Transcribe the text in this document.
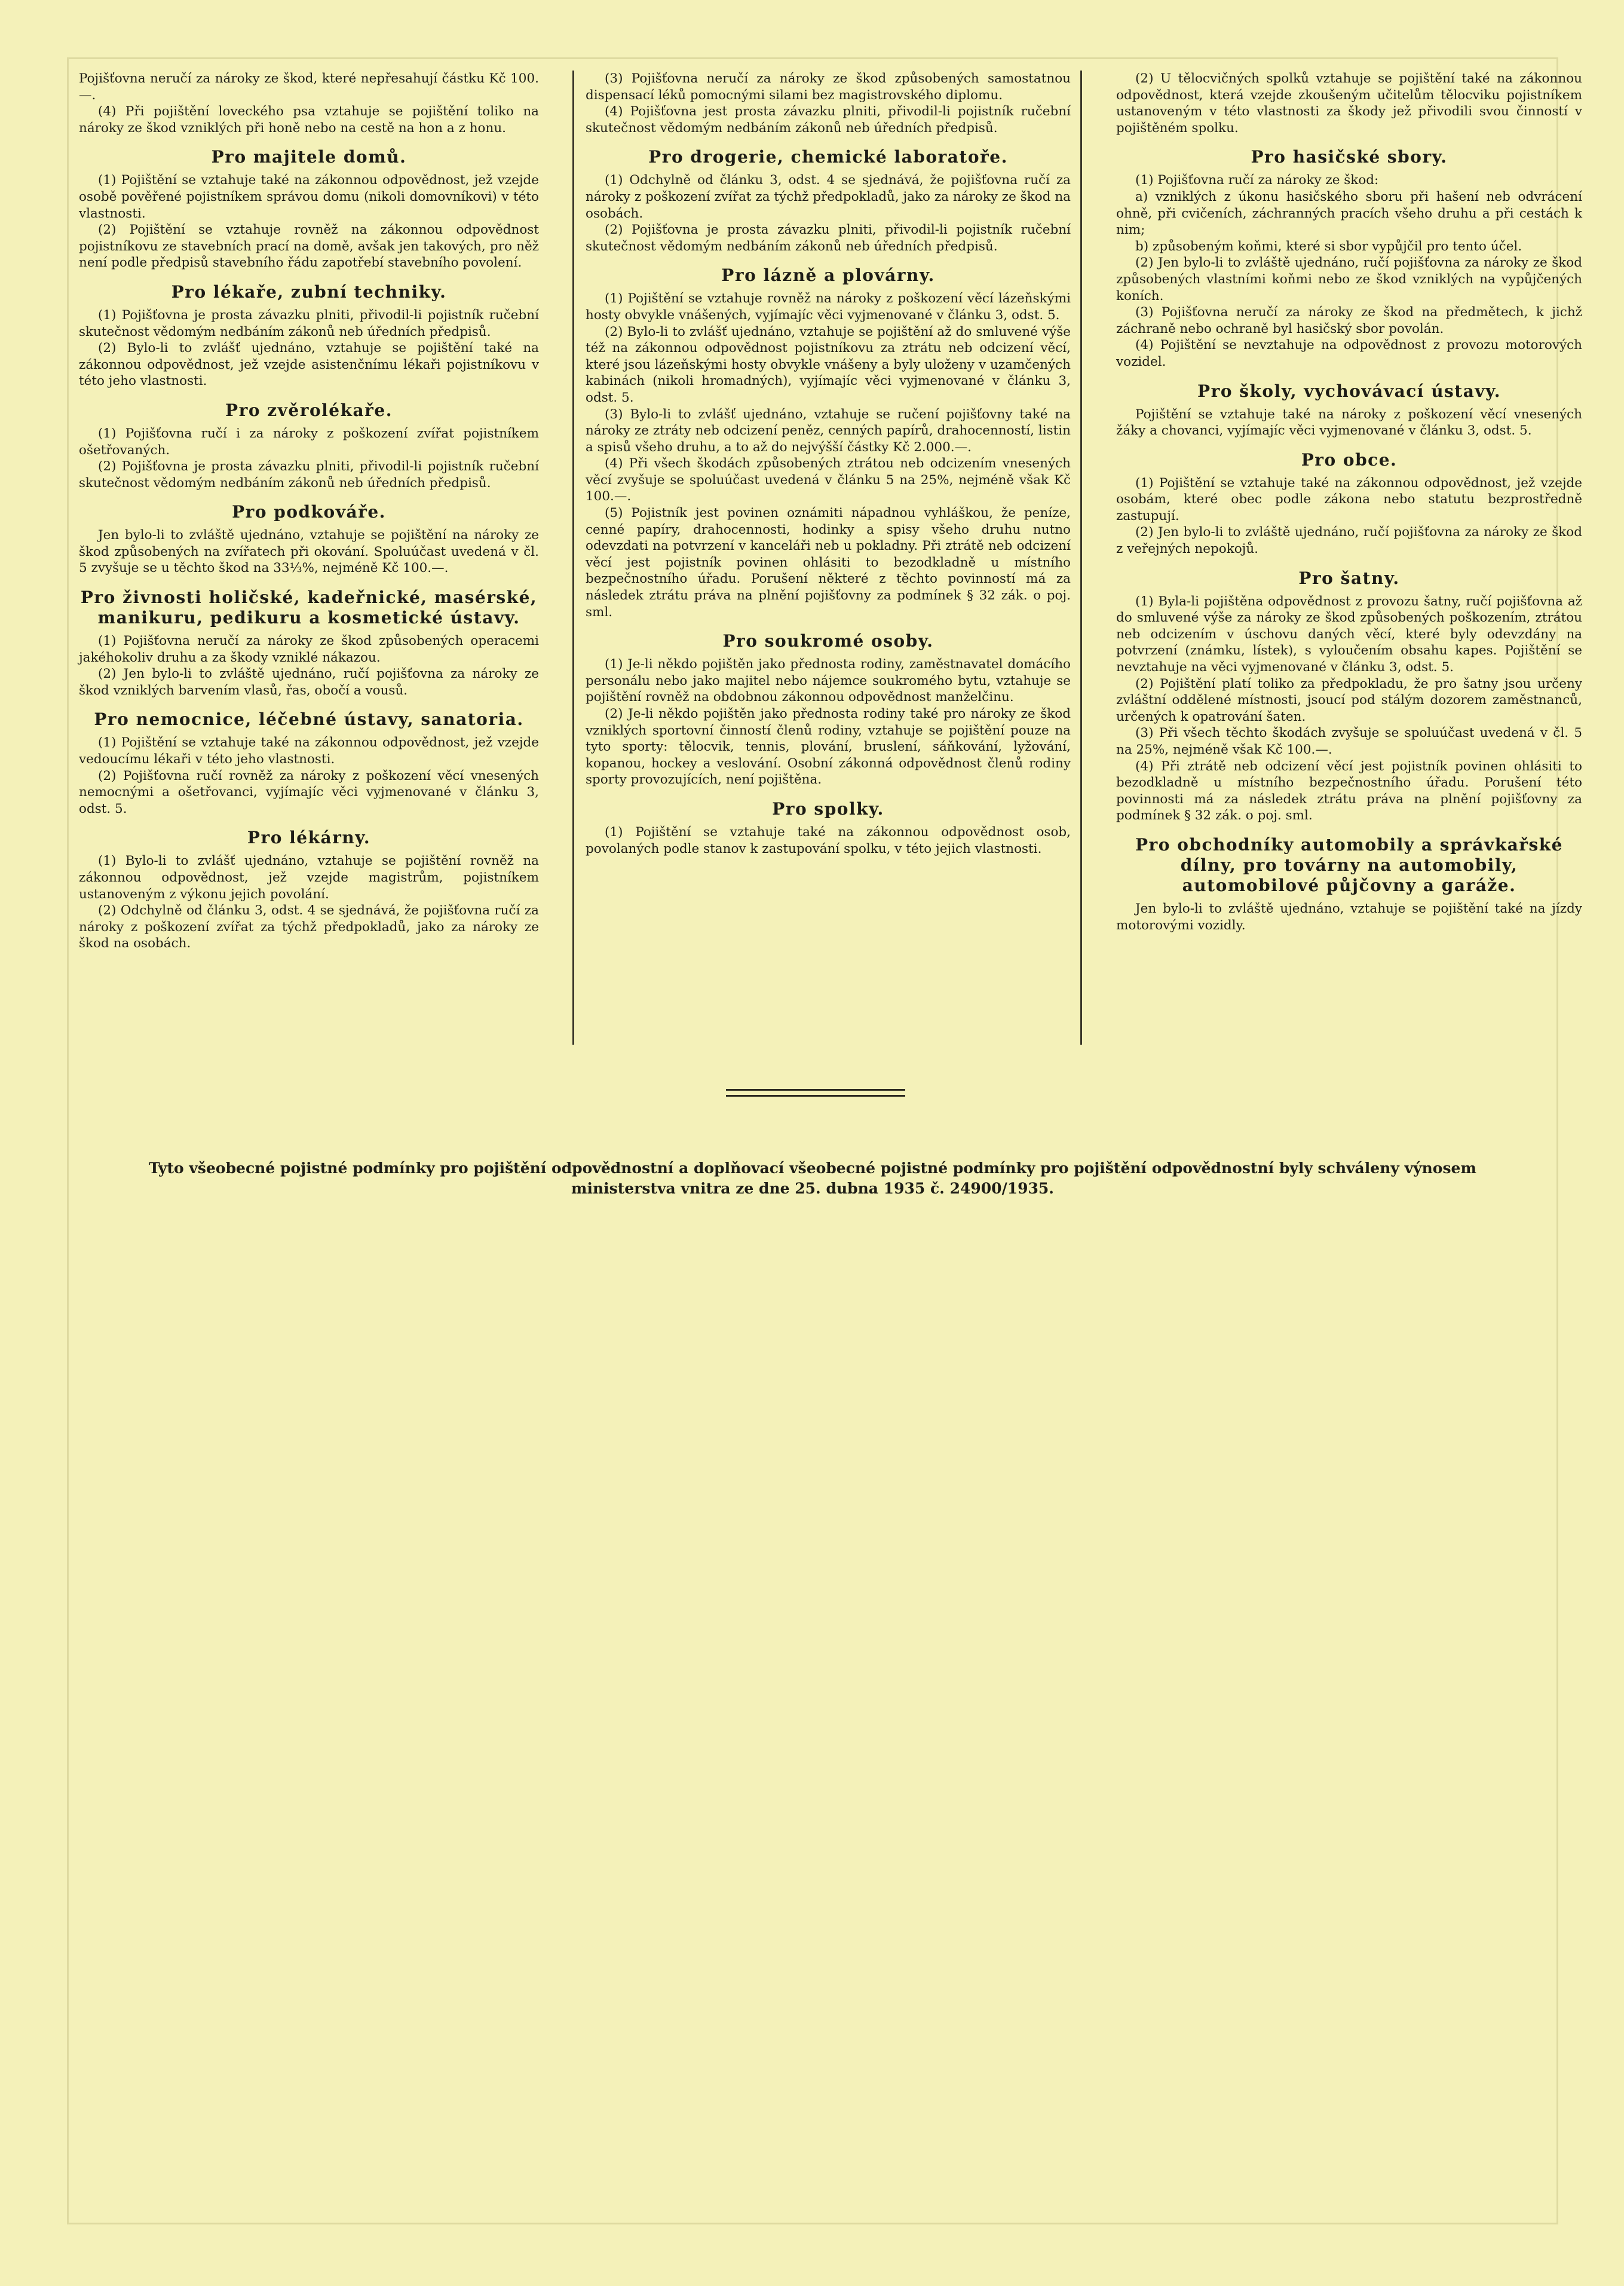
Pojišťovna neručí za nároky ze škod, které nepřesahují částku Kč 100.—.

(4) Při pojištění loveckého psa vztahuje se pojištění toliko na nároky ze škod vzniklých při honě nebo na cestě na hon a z honu.

Pro majitele domů.

(1) Pojištění se vztahuje také na zákonnou odpovědnost, jež vzejde osobě pověřené pojistníkem správou domu (nikoli domovníkovi) v této vlastnosti.

(2) Pojištění se vztahuje rovněž na zákonnou odpovědnost pojistníkovu ze stavebních prací na domě, avšak jen takových, pro něž není podle předpisů stavebního řádu zapotřebí stavebního povolení.

Pro lékaře, zubní techniky.

(1) Pojišťovna je prosta závazku plniti, přivodil-li pojistník ručební skutečnost vědomým nedbáním zákonů neb úředních předpisů.

(2) Bylo-li to zvlášť ujednáno, vztahuje se pojištění také na zákonnou odpovědnost, jež vzejde asistenčnímu lékaři pojistníkovu v této jeho vlastnosti.

Pro zvěrolékaře.

(1) Pojišťovna ručí i za nároky z poškození zvířat pojistníkem ošetřovaných.

(2) Pojišťovna je prosta závazku plniti, přivodil-li pojistník ručební skutečnost vědomým nedbáním zákonů neb úředních předpisů.

Pro podkováře.

Jen bylo-li to zvláště ujednáno, vztahuje se pojištění na nároky ze škod způsobených na zvířatech při okování. Spoluúčast uvedená v čl. 5 zvyšuje se u těchto škod na 33⅓%, nejméně Kč 100.—.

Pro živnosti holičské, kadeřnické, masérské, manikuru, pedikuru a kosmetické ústavy.

(1) Pojišťovna neručí za nároky ze škod způsobených operacemi jakéhokoliv druhu a za škody vzniklé nákazou.

(2) Jen bylo-li to zvláště ujednáno, ručí pojišťovna za nároky ze škod vzniklých barvením vlasů, řas, obočí a vousů.

Pro nemocnice, léčebné ústavy, sanatoria.

(1) Pojištění se vztahuje také na zákonnou odpovědnost, jež vzejde vedoucímu lékaři v této jeho vlastnosti.

(2) Pojišťovna ručí rovněž za nároky z poškození věcí vnesených nemocnými a ošetřovanci, vyjímajíc věci vyjmenované v článku 3, odst. 5.

Pro lékárny.

(1) Bylo-li to zvlášť ujednáno, vztahuje se pojištění rovněž na zákonnou odpovědnost, jež vzejde magistrům, pojistníkem ustanoveným z výkonu jejich povolání.

(2) Odchylně od článku 3, odst. 4 se sjednává, že pojišťovna ručí za nároky z poškození zvířat za týchž předpokladů, jako za nároky ze škod na osobách.

(3) Pojišťovna neručí za nároky ze škod způsobených samostatnou dispensací léků pomocnými silami bez magistrovského diplomu.

(4) Pojišťovna jest prosta závazku plniti, přivodil-li pojistník ručební skutečnost vědomým nedbáním zákonů neb úředních předpisů.

Pro drogerie, chemické laboratoře.

(1) Odchylně od článku 3, odst. 4 se sjednává, že pojišťovna ručí za nároky z poškození zvířat za týchž předpokladů, jako za nároky ze škod na osobách.

(2) Pojišťovna je prosta závazku plniti, přivodil-li pojistník ručební skutečnost vědomým nedbáním zákonů neb úředních předpisů.

Pro lázně a plovárny.

(1) Pojištění se vztahuje rovněž na nároky z poškození věcí lázeňskými hosty obvykle vnášených, vyjímajíc věci vyjmenované v článku 3, odst. 5.

(2) Bylo-li to zvlášť ujednáno, vztahuje se pojištění až do smluvené výše též na zákonnou odpovědnost pojistníkovu za ztrátu neb odcizení věcí, které jsou lázeňskými hosty obvykle vnášeny a byly uloženy v uzamčených kabinách (nikoli hromadných), vyjímajíc věci vyjmenované v článku 3, odst. 5.

(3) Bylo-li to zvlášť ujednáno, vztahuje se ručení pojišťovny také na nároky ze ztráty neb odcizení peněz, cenných papírů, drahocenností, listin a spisů všeho druhu, a to až do nejvýšší částky Kč 2.000.—.

(4) Při všech škodách způsobených ztrátou neb odcizením vnesených věcí zvyšuje se spoluúčast uvedená v článku 5 na 25%, nejméně však Kč 100.—.

(5) Pojistník jest povinen oznámiti nápadnou vyhláškou, že peníze, cenné papíry, drahocennosti, hodinky a spisy všeho druhu nutno odevzdati na potvrzení v kanceláři neb u pokladny. Při ztrátě neb odcizení věcí jest pojistník povinen ohlásiti to bezodkladně u místního bezpečnostního úřadu. Porušení některé z těchto povinností má za následek ztrátu práva na plnění pojišťovny za podmínek § 32 zák. o poj. sml.

Pro soukromé osoby.

(1) Je-li někdo pojištěn jako přednosta rodiny, zaměstnavatel domácího personálu nebo jako majitel nebo nájemce soukromého bytu, vztahuje se pojištění rovněž na obdobnou zákonnou odpovědnost manželčinu.

(2) Je-li někdo pojištěn jako přednosta rodiny také pro nároky ze škod vzniklých sportovní činností členů rodiny, vztahuje se pojištění pouze na tyto sporty: tělocvik, tennis, plování, bruslení, sáňkování, lyžování, kopanou, hockey a veslování. Osobní zákonná odpovědnost členů rodiny sporty provozujících, není pojištěna.

Pro spolky.

(1) Pojištění se vztahuje také na zákonnou odpovědnost osob, povolaných podle stanov k zastupování spolku, v této jejich vlastnosti.

(2) U tělocvičných spolků vztahuje se pojištění také na zákonnou odpovědnost, která vzejde zkoušeným učitelům tělocviku pojistníkem ustanoveným v této vlastnosti za škody jež přivodili svou činností v pojištěném spolku.

Pro hasičské sbory.

(1) Pojišťovna ručí za nároky ze škod:

a) vzniklých z úkonu hasičského sboru při hašení neb odvrácení ohně, při cvičeních, záchranných pracích všeho druhu a při cestách k nim;

b) způsobeným koňmi, které si sbor vypůjčil pro tento účel.

(2) Jen bylo-li to zvláště ujednáno, ručí pojišťovna za nároky ze škod způsobených vlastními koňmi nebo ze škod vzniklých na vypůjčených koních.

(3) Pojišťovna neručí za nároky ze škod na předmětech, k jichž záchraně nebo ochraně byl hasičský sbor povolán.

(4) Pojištění se nevztahuje na odpovědnost z provozu motorových vozidel.

Pro školy, vychovávací ústavy.

Pojištění se vztahuje také na nároky z poškození věcí vnesených žáky a chovanci, vyjímajíc věci vyjmenované v článku 3, odst. 5.

Pro obce.

(1) Pojištění se vztahuje také na zákonnou odpovědnost, jež vzejde osobám, které obec podle zákona nebo statutu bezprostředně zastupují.

(2) Jen bylo-li to zvláště ujednáno, ručí pojišťovna za nároky ze škod z veřejných nepokojů.

Pro šatny.

(1) Byla-li pojištěna odpovědnost z provozu šatny, ručí pojišťovna až do smluvené výše za nároky ze škod způsobených poškozením, ztrátou neb odcizením v úschovu daných věcí, které byly odevzdány na potvrzení (známku, lístek), s vyloučením obsahu kapes. Pojištění se nevztahuje na věci vyjmenované v článku 3, odst. 5.

(2) Pojištění platí toliko za předpokladu, že pro šatny jsou určeny zvláštní oddělené místnosti, jsoucí pod stálým dozorem zaměstnanců, určených k opatrování šaten.

(3) Při všech těchto škodách zvyšuje se spoluúčast uvedená v čl. 5 na 25%, nejméně však Kč 100.—.

(4) Při ztrátě neb odcizení věcí jest pojistník povinen ohlásiti to bezodkladně u místního bezpečnostního úřadu. Porušení této povinnosti má za následek ztrátu práva na plnění pojišťovny za podmínek § 32 zák. o poj. sml.

Pro obchodníky automobily a správkařské dílny, pro továrny na automobily, automobilové půjčovny a garáže.

Jen bylo-li to zvláště ujednáno, vztahuje se pojištění také na jízdy motorovými vozidly.

Tyto všeobecné pojistné podmínky pro pojištění odpovědnostní a doplňovací všeobecné pojistné podmínky pro pojištění odpovědnostní byly schváleny výnosem ministerstva vnitra ze dne 25. dubna 1935 č. 24900/1935.
